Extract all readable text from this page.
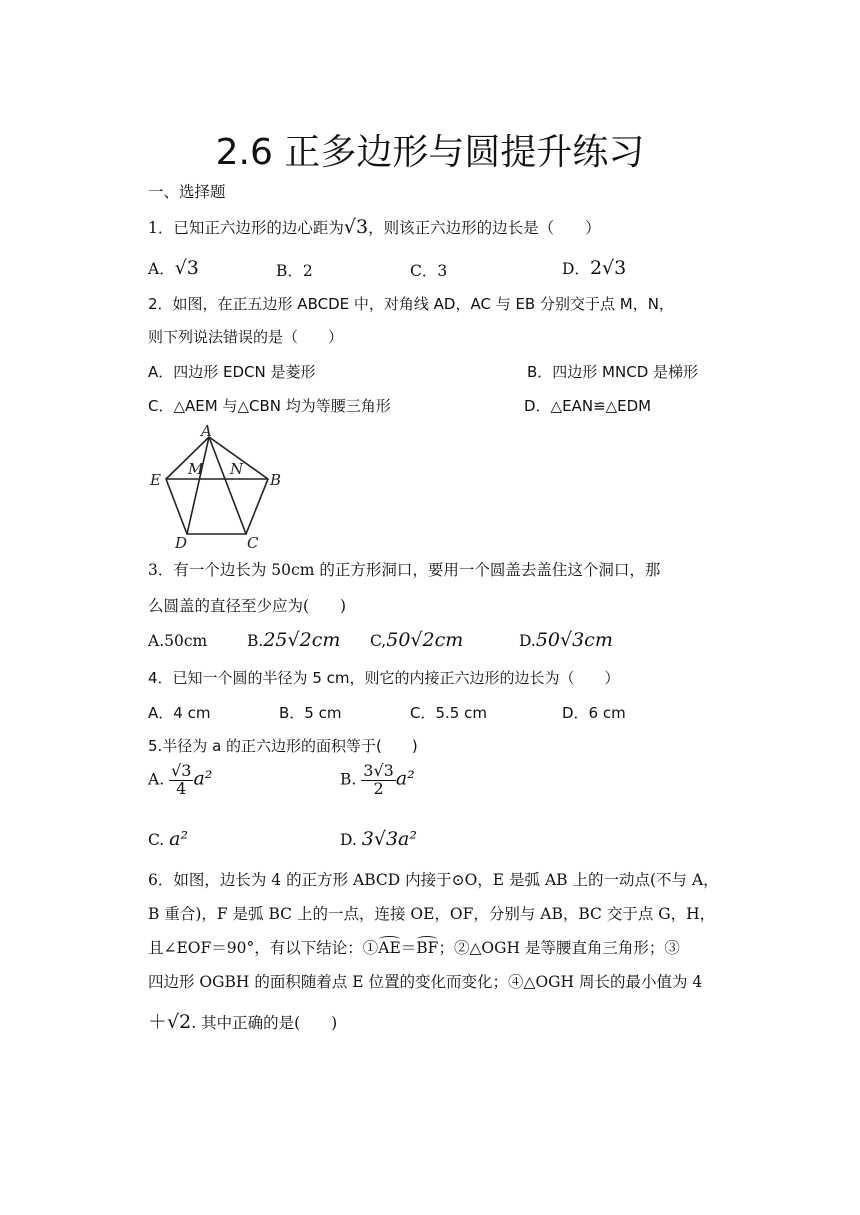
2.6 正多边形与圆提升练习
一、选择题
1．已知正六边形的边心距为√3，则该正六边形的边长是（　　）
A．√3	B．2	C．3	D．2√3
2．如图，在正五边形 ABCDE 中，对角线 AD，AC 与 EB 分别交于点 M，N，
则下列说法错误的是（　　）
A．四边形 EDCN 是菱形	B．四边形 MNCD 是梯形
C．△AEM 与△CBN 均为等腰三角形	D．△EAN≌△EDM
A
E
M N
B
D	C
3．有一个边长为 50cm 的正方形洞口，要用一个圆盖去盖住这个洞口，那
么圆盖的直径至少应为(　　)
A.50cm	B.25√2cm C,50√2cm	D.50√3cm
4．已知一个圆的半径为 5 cm，则它的内接正六边形的边长为（　　）
A．4 cm	B．5 cm	C．5.5 cm	D．6 cm
5.半径为 a 的正六边形的面积等于(　　)
A. $\frac{√3}{4} a^2$	B. $\frac{3√3}{2} a^2$
C. a²	D. 3√3a²
6．如图，边长为 4 的正方形 ABCD 内接于⊙O，E 是弧 AB 上的一动点(不与 A，
B 重合)，F 是弧 BC 上的一点，连接 OE，OF，分别与 AB，BC 交于点 G，H，
且∠EOF＝90°，有以下结论：①AE＝BF；②△OGH 是等腰直角三角形；③
四边形 OGBH 的面积随着点 E 位置的变化而变化；④△OGH 周长的最小值为 4
＋√2. 其中正确的是(　　)
